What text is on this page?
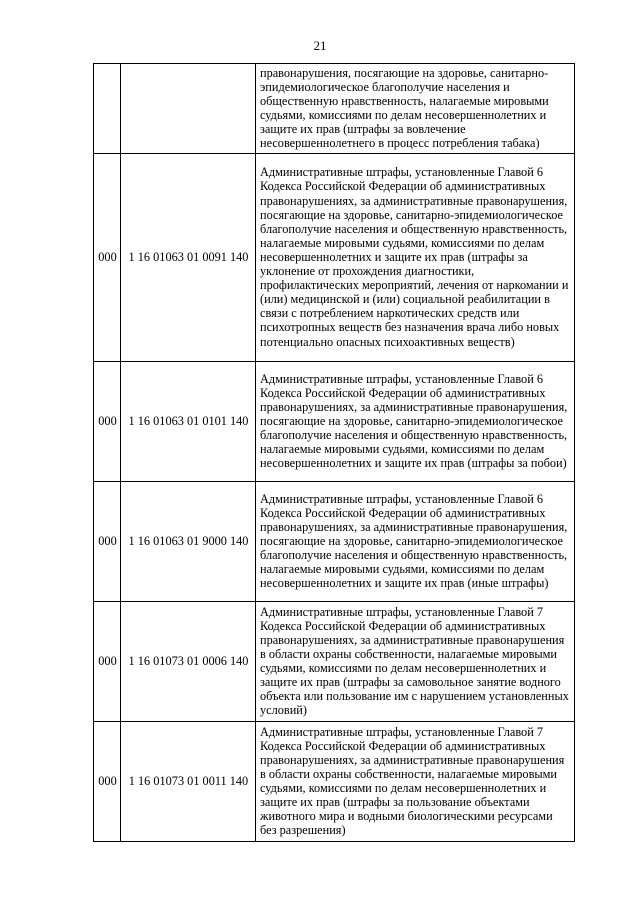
21
		правонарушения, посягающие на здоровье, санитарно-эпидемиологическое благополучие населения и общественную нравственность, налагаемые мировыми судьями, комиссиями по делам несовершеннолетних и защите их прав (штрафы за вовлечение несовершеннолетнего в процесс потребления табака)
000	1 16 01063 01 0091 140	Административные штрафы, установленные Главой 6 Кодекса Российской Федерации об административных правонарушениях, за административные правонарушения, посягающие на здоровье, санитарно-эпидемиологическое благополучие населения и общественную нравственность, налагаемые мировыми судьями, комиссиями по делам несовершеннолетних и защите их прав (штрафы за уклонение от прохождения диагностики, профилактических мероприятий, лечения от наркомании и (или) медицинской и (или) социальной реабилитации в связи с потреблением наркотических средств или психотропных веществ без назначения врача либо новых потенциально опасных психоактивных веществ)
000	1 16 01063 01 0101 140	Административные штрафы, установленные Главой 6 Кодекса Российской Федерации об административных правонарушениях, за административные правонарушения, посягающие на здоровье, санитарно-эпидемиологическое благополучие населения и общественную нравственность, налагаемые мировыми судьями, комиссиями по делам несовершеннолетних и защите их прав (штрафы за побои)
000	1 16 01063 01 9000 140	Административные штрафы, установленные Главой 6 Кодекса Российской Федерации об административных правонарушениях, за административные правонарушения, посягающие на здоровье, санитарно-эпидемиологическое благополучие населения и общественную нравственность, налагаемые мировыми судьями, комиссиями по делам несовершеннолетних и защите их прав (иные штрафы)
000	1 16 01073 01 0006 140	Административные штрафы, установленные Главой 7 Кодекса Российской Федерации об административных правонарушениях, за административные правонарушения в области охраны собственности, налагаемые мировыми судьями, комиссиями по делам несовершеннолетних и защите их прав (штрафы за самовольное занятие водного объекта или пользование им с нарушением установленных условий)
000	1 16 01073 01 0011 140	Административные штрафы, установленные Главой 7 Кодекса Российской Федерации об административных правонарушениях, за административные правонарушения в области охраны собственности, налагаемые мировыми судьями, комиссиями по делам несовершеннолетних и защите их прав (штрафы за пользование объектами животного мира и водными биологическими ресурсами без разрешения)
